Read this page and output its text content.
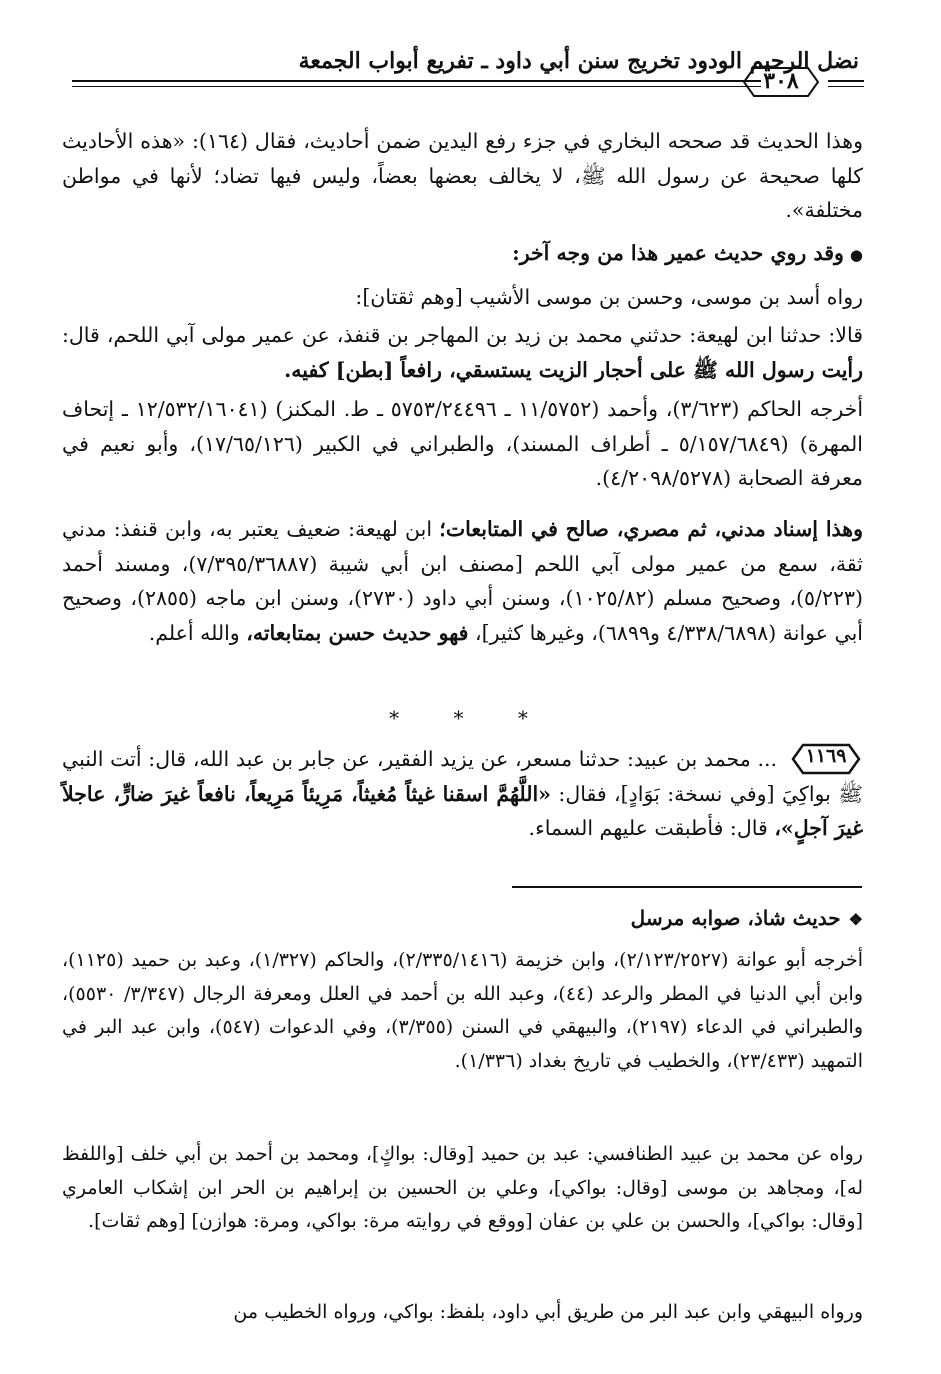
نضل الرحيم الودود تخريج سنن أبي داود ـ تفريع أبواب الجمعة
٣٠٨
وهذا الحديث قد صححه البخاري في جزء رفع اليدين ضمن أحاديث، فقال (١٦٤): «هذه الأحاديث كلها صحيحة عن رسول الله ﷺ، لا يخالف بعضها بعضاً، وليس فيها تضاد؛ لأنها في مواطن مختلفة».
●وقد روي حديث عمير هذا من وجه آخر:
رواه أسد بن موسى، وحسن بن موسى الأشيب [وهم ثقتان]:
قالا: حدثنا ابن لهيعة: حدثني محمد بن زيد بن المهاجر بن قنفذ، عن عمير مولى آبي اللحم، قال: رأيت رسول الله ﷺ على أحجار الزيت يستسقي، رافعاً [بطن] كفيه.
أخرجه الحاكم (٣/٦٢٣)، وأحمد (١١/٥٧٥٢ ـ ٥٧٥٣/٢٤٤٩٦ ـ ط. المكنز) (١٢/٥٣٢/١٦٠٤١ ـ إتحاف المهرة) (٥/١٥٧/٦٨٤٩ ـ أطراف المسند)، والطبراني في الكبير (١٧/٦٥/١٢٦)، وأبو نعيم في معرفة الصحابة (٤/٢٠٩٨/٥٢٧٨).
وهذا إسناد مدني، ثم مصري، صالح في المتابعات؛ ابن لهيعة: ضعيف يعتبر به، وابن قنفذ: مدني ثقة، سمع من عمير مولى آبي اللحم [مصنف ابن أبي شيبة (٧/٣٩٥/٣٦٨٨٧)، ومسند أحمد (٥/٢٢٣)، وصحيح مسلم (١٠٢٥/٨٢)، وسنن أبي داود (٢٧٣٠)، وسنن ابن ماجه (٢٨٥٥)، وصحيح أبي عوانة (٤/٣٣٨/٦٨٩٨ و٦٨٩٩)، وغيرها كثير]، فهو حديث حسن بمتابعاته، والله أعلم.
* * *
١١٦٩
... محمد بن عبيد: حدثنا مسعر، عن يزيد الفقير، عن جابر بن عبد الله، قال: أتت النبي ﷺ بواكِيَ [وفي نسخة: بَوَادٍ]، فقال: «اللَّهُمَّ اسقنا غيثاً مُغيثاً، مَرِيئاً مَرِيعاً، نافعاً غيرَ ضارٍّ، عاجلاً غيرَ آجلٍ»، قال: فأطبقت عليهم السماء.
❖حديث شاذ، صوابه مرسل
أخرجه أبو عوانة (٢/١٢٣/٢٥٢٧)، وابن خزيمة (٢/٣٣٥/١٤١٦)، والحاكم (١/٣٢٧)، وعبد بن حميد (١١٢٥)، وابن أبي الدنيا في المطر والرعد (٤٤)، وعبد الله بن أحمد في العلل ومعرفة الرجال (٣/٣٤٧/ ٥٥٣٠)، والطبراني في الدعاء (٢١٩٧)، والبيهقي في السنن (٣/٣٥٥)، وفي الدعوات (٥٤٧)، وابن عبد البر في التمهيد (٢٣/٤٣٣)، والخطيب في تاريخ بغداد (١/٣٣٦).
رواه عن محمد بن عبيد الطنافسي: عبد بن حميد [وقال: بواكٍ]، ومحمد بن أحمد بن أبي خلف [واللفظ له]، ومجاهد بن موسى [وقال: بواكي]، وعلي بن الحسين بن إبراهيم بن الحر ابن إشكاب العامري [وقال: بواكي]، والحسن بن علي بن عفان [ووقع في روايته مرة: بواكي، ومرة: هوازن] [وهم ثقات].
ورواه البيهقي وابن عبد البر من طريق أبي داود، بلفظ: بواكي، ورواه الخطيب من
